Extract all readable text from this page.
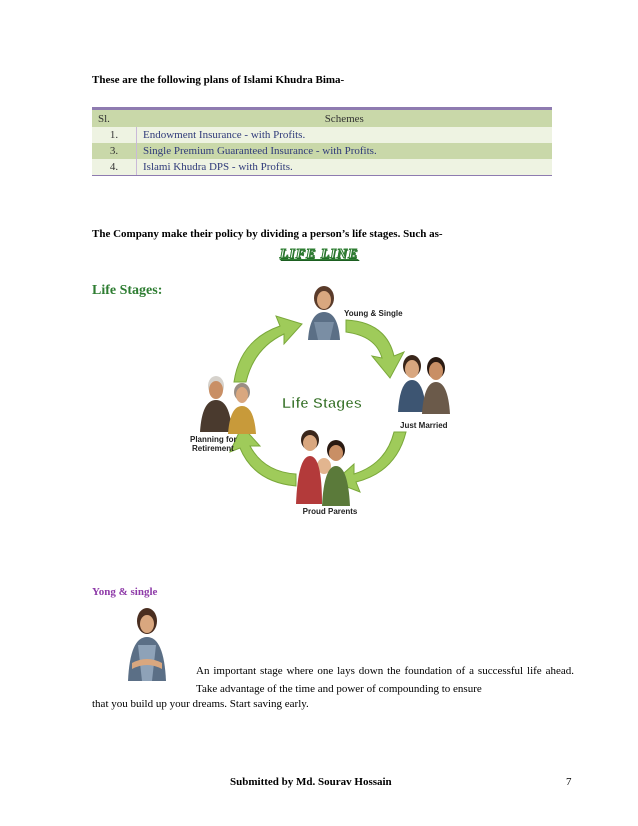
These are the following plans of Islami Khudra Bima-
Sl.	Schemes
1.	Endowment Insurance - with Profits.
3.	Single Premium Guaranteed Insurance - with Profits.
4.	Islami Khudra DPS - with Profits.
The Company make their policy by dividing a person’s life stages. Such as-
LIFE LINE
Life Stages:
Life Stages
Young & Single
Just Married
Proud Parents
Planning for Retirement
Yong & single
An important stage where one lays down the foundation of a successful life ahead. Take advantage of the time and power of compounding to ensure
that you build up your dreams. Start saving early.
Submitted by Md. Sourav Hossain	7
